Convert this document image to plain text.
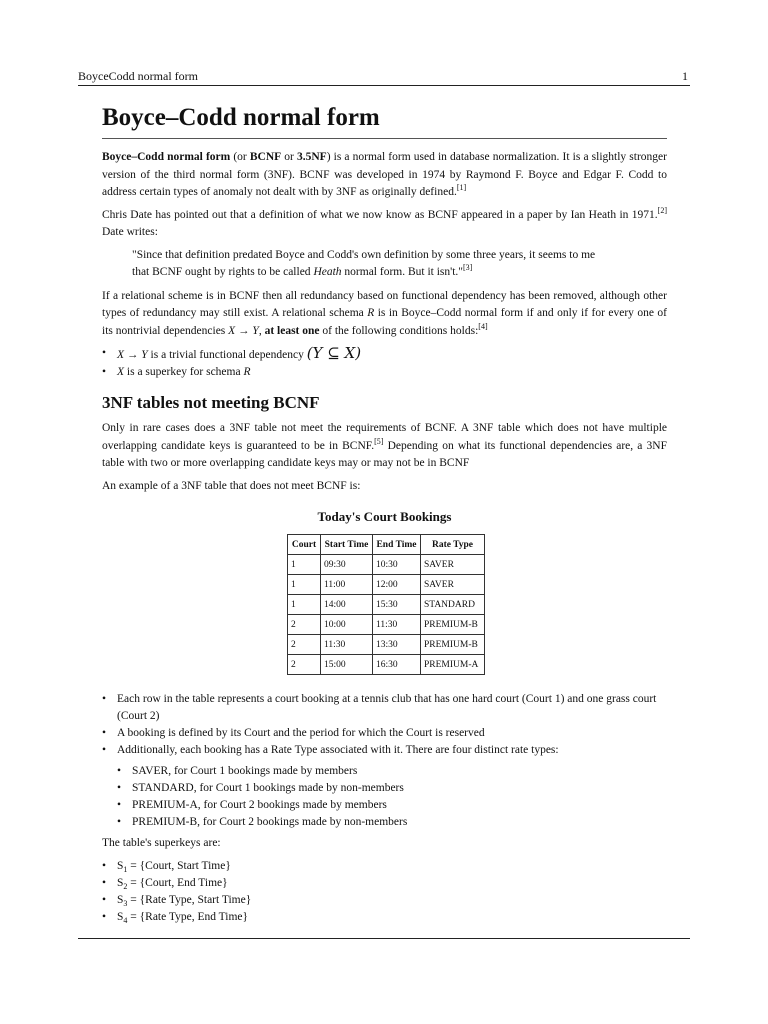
BoyceCodd normal form	1
Boyce–Codd normal form

Boyce–Codd normal form (or BCNF or 3.5NF) is a normal form used in database normalization. It is a slightly stronger version of the third normal form (3NF). BCNF was developed in 1974 by Raymond F. Boyce and Edgar F. Codd to address certain types of anomaly not dealt with by 3NF as originally defined.[1]

Chris Date has pointed out that a definition of what we now know as BCNF appeared in a paper by Ian Heath in 1971.[2] Date writes:

"Since that definition predated Boyce and Codd's own definition by some three years, it seems to me
that BCNF ought by rights to be called Heath normal form. But it isn't."[3]

If a relational scheme is in BCNF then all redundancy based on functional dependency has been removed, although other types of redundancy may still exist. A relational schema R is in Boyce–Codd normal form if and only if for every one of its nontrivial dependencies X → Y, at least one of the following conditions holds:[4]

• X → Y is a trivial functional dependency (Y ⊆ X)
• X is a superkey for schema R
3NF tables not meeting BCNF

Only in rare cases does a 3NF table not meet the requirements of BCNF. A 3NF table which does not have multiple overlapping candidate keys is guaranteed to be in BCNF.[5] Depending on what its functional dependencies are, a 3NF table with two or more overlapping candidate keys may or may not be in BCNF

An example of a 3NF table that does not meet BCNF is:

Today's Court Bookings
Court	Start Time	End Time	Rate Type
1	09:30	10:30	SAVER
1	11:00	12:00	SAVER
1	14:00	15:30	STANDARD
2	10:00	11:30	PREMIUM-B
2	11:30	13:30	PREMIUM-B
2	15:00	16:30	PREMIUM-A
• Each row in the table represents a court booking at a tennis club that has one hard court (Court 1) and one grass court (Court 2)
• A booking is defined by its Court and the period for which the Court is reserved
• Additionally, each booking has a Rate Type associated with it. There are four distinct rate types:
• SAVER, for Court 1 bookings made by members
• STANDARD, for Court 1 bookings made by non-members
• PREMIUM-A, for Court 2 bookings made by members
• PREMIUM-B, for Court 2 bookings made by non-members

The table's superkeys are:

• $S_1$ = {Court, Start Time}
• $S_2$ = {Court, End Time}
• $S_3$ = {Rate Type, Start Time}
• $S_4$ = {Rate Type, End Time}
